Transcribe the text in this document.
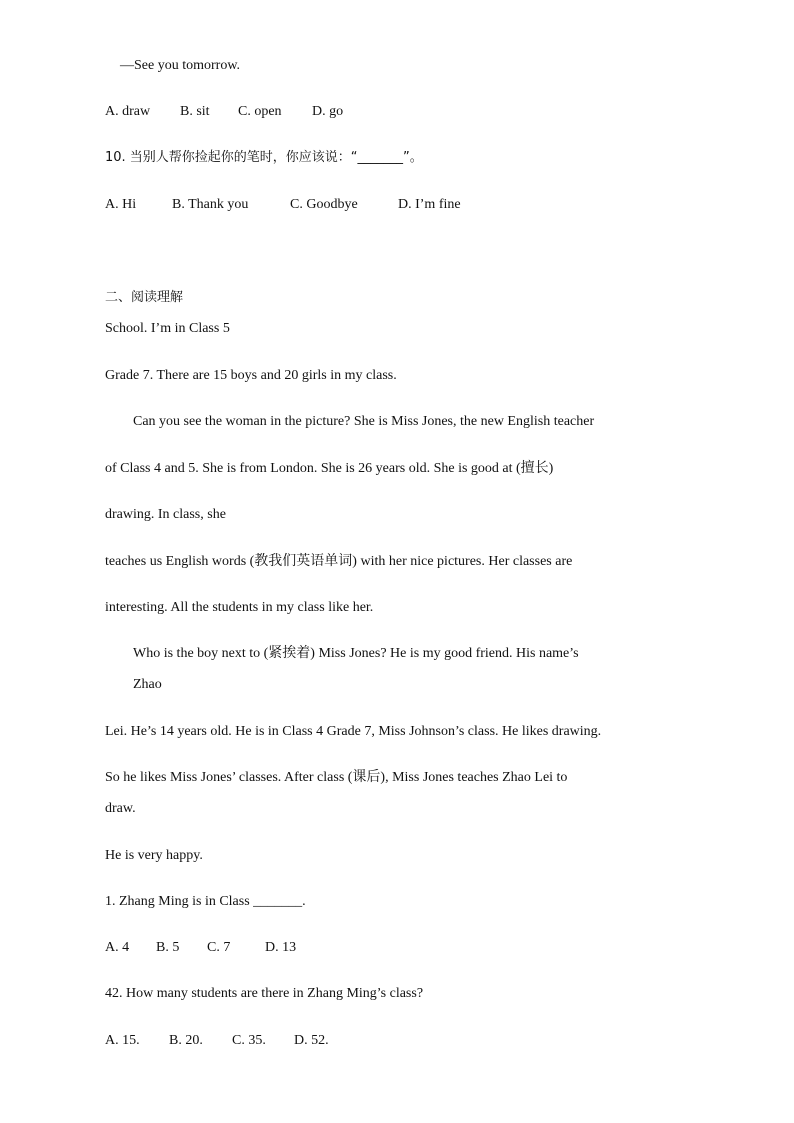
—See you tomorrow.
A. draw	B. sit	C. open	D. go
10. 当别人帮你捡起你的笔时，你应该说：“_______”。
A. Hi	B. Thank you	C. Goodbye	D. I’m fine
二、阅读理解
School. I’m in Class 5
Grade 7. There are 15 boys and 20 girls in my class.
Can you see the woman in the picture? She is Miss Jones, the new English teacher
of Class 4 and 5. She is from London. She is 26 years old. She is good at (擅长)
drawing. In class, she
teaches us English words (教我们英语单词) with her nice pictures. Her classes are
interesting. All the students in my class like her.
Who is the boy next to (紧挨着) Miss Jones? He is my good friend. His name’s
Zhao
Lei. He’s 14 years old. He is in Class 4 Grade 7, Miss Johnson’s class. He likes drawing.
So he likes Miss Jones’ classes. After class (课后), Miss Jones teaches Zhao Lei to
draw.
He is very happy.
1. Zhang Ming is in Class _______.
A. 4	B. 5	C. 7	D. 13
42. How many students are there in Zhang Ming’s class?
A. 15.	B. 20.	C. 35.	D. 52.
